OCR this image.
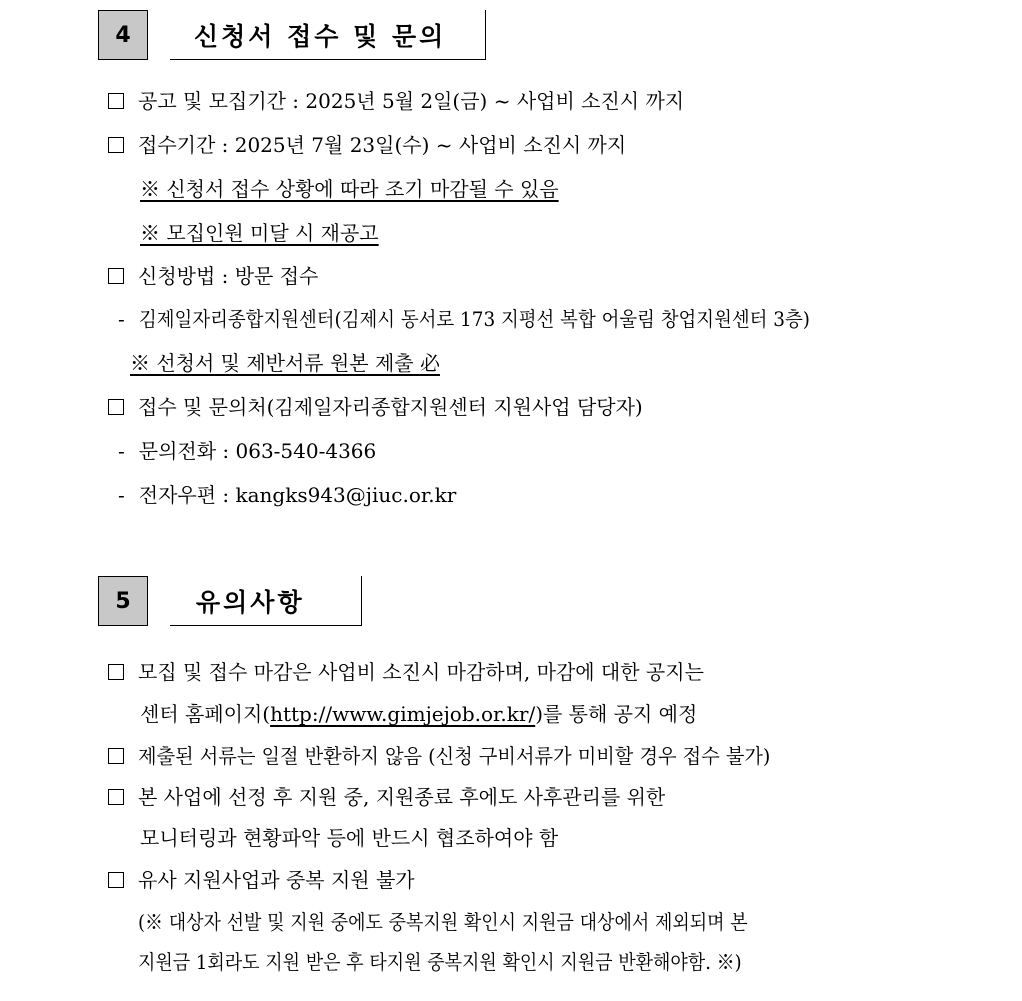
4	신청서 접수 및 문의
공고 및 모집기간 : 2025년 5월 2일(금) ~ 사업비 소진시 까지
접수기간 : 2025년 7월 23일(수) ~ 사업비 소진시 까지
※ 신청서 접수 상황에 따라 조기 마감될 수 있음
※ 모집인원 미달 시 재공고
신청방법 : 방문 접수
- 김제일자리종합지원센터(김제시 동서로 173 지평선 복합 어울림 창업지원센터 3층)
※ 선청서 및 제반서류 원본 제출 必
접수 및 문의처(김제일자리종합지원센터 지원사업 담당자)
- 문의전화 : 063-540-4366
- 전자우편 : kangks943@jiuc.or.kr
5	유의사항
모집 및 접수 마감은 사업비 소진시 마감하며, 마감에 대한 공지는
센터 홈페이지(http://www.gimjejob.or.kr/)를 통해 공지 예정
제출된 서류는 일절 반환하지 않음 (신청 구비서류가 미비할 경우 접수 불가)
본 사업에 선정 후 지원 중, 지원종료 후에도 사후관리를 위한
모니터링과 현황파악 등에 반드시 협조하여야 함
유사 지원사업과 중복 지원 불가
(※ 대상자 선발 및 지원 중에도 중복지원 확인시 지원금 대상에서 제외되며 본
지원금 1회라도 지원 받은 후 타지원 중복지원 확인시 지원금 반환해야함. ※)
